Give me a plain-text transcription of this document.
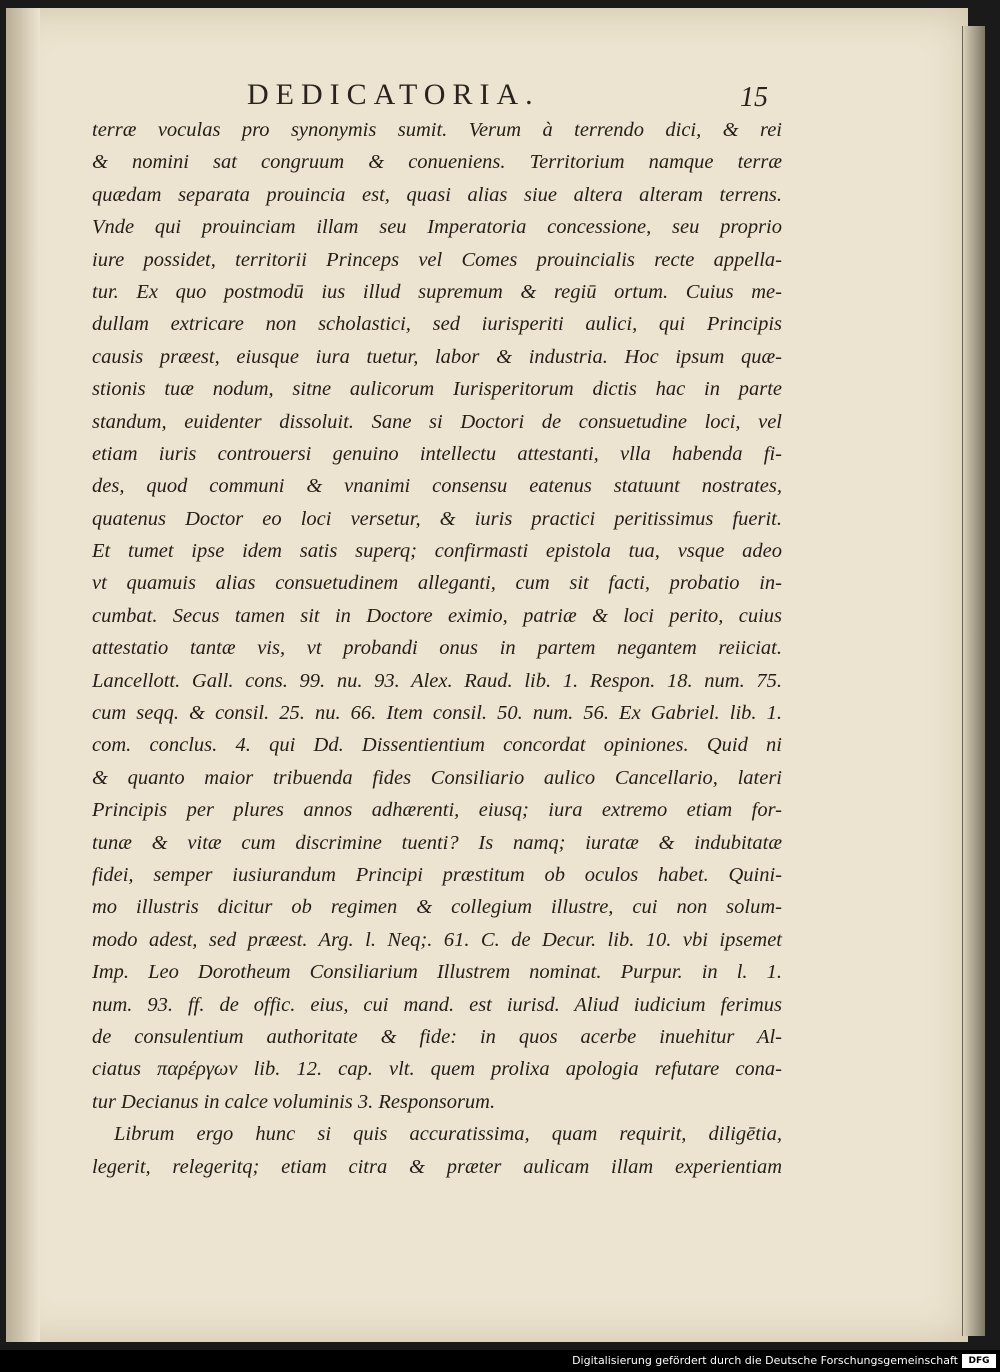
DEDICATORIA.	15
terræ voculas pro synonymis sumit. Verum à terrendo dici, & rei
& nomini sat congruum & conueniens. Territorium namque terræ
quædam separata prouincia est, quasi alias siue altera alteram terrens.
Vnde qui prouinciam illam seu Imperatoria concessione, seu proprio
iure possidet, territorii Princeps vel Comes prouincialis recte appella-
tur. Ex quo postmodū ius illud supremum & regiū ortum. Cuius me-
dullam extricare non scholastici, sed iurisperiti aulici, qui Principis
causis præest, eiusque iura tuetur, labor & industria. Hoc ipsum quæ-
stionis tuæ nodum, sitne aulicorum Iurisperitorum dictis hac in parte
standum, euidenter dissoluit. Sane si Doctori de consuetudine loci, vel
etiam iuris controuersi genuino intellectu attestanti, vlla habenda fi-
des, quod communi & vnanimi consensu eatenus statuunt nostrates,
quatenus Doctor eo loci versetur, & iuris practici peritissimus fuerit.
Et tumet ipse idem satis superq; confirmasti epistola tua, vsque adeo
vt quamuis alias consuetudinem alleganti, cum sit facti, probatio in-
cumbat. Secus tamen sit in Doctore eximio, patriæ & loci perito, cuius
attestatio tantæ vis, vt probandi onus in partem negantem reiiciat.
Lancellott. Gall. cons. 99. nu. 93. Alex. Raud. lib. 1. Respon. 18. num. 75.
cum seqq. & consil. 25. nu. 66. Item consil. 50. num. 56. Ex Gabriel. lib. 1.
com. conclus. 4. qui Dd. Dissentientium concordat opiniones. Quid ni
& quanto maior tribuenda fides Consiliario aulico Cancellario, lateri
Principis per plures annos adhærenti, eiusq; iura extremo etiam for-
tunæ & vitæ cum discrimine tuenti? Is namq; iuratæ & indubitatæ
fidei, semper iusiurandum Principi præstitum ob oculos habet. Quini-
mo illustris dicitur ob regimen & collegium illustre, cui non solum-
modo adest, sed præest. Arg. l. Neq;. 61. C. de Decur. lib. 10. vbi ipsemet
Imp. Leo Dorotheum Consiliarium Illustrem nominat. Purpur. in l. 1.
num. 93. ff. de offic. eius, cui mand. est iurisd. Aliud iudicium ferimus
de consulentium authoritate & fide: in quos acerbe inuehitur Al-
ciatus παρέργων lib. 12. cap. vlt. quem prolixa apologia refutare cona-
tur Decianus in calce voluminis 3. Responsorum.
Librum ergo hunc si quis accuratissima, quam requirit, diligētia,
legerit, relegeritq; etiam citra & præter aulicam illam experientiam
Digitalisierung gefördert durch die Deutsche Forschungsgemeinschaft	DFG
